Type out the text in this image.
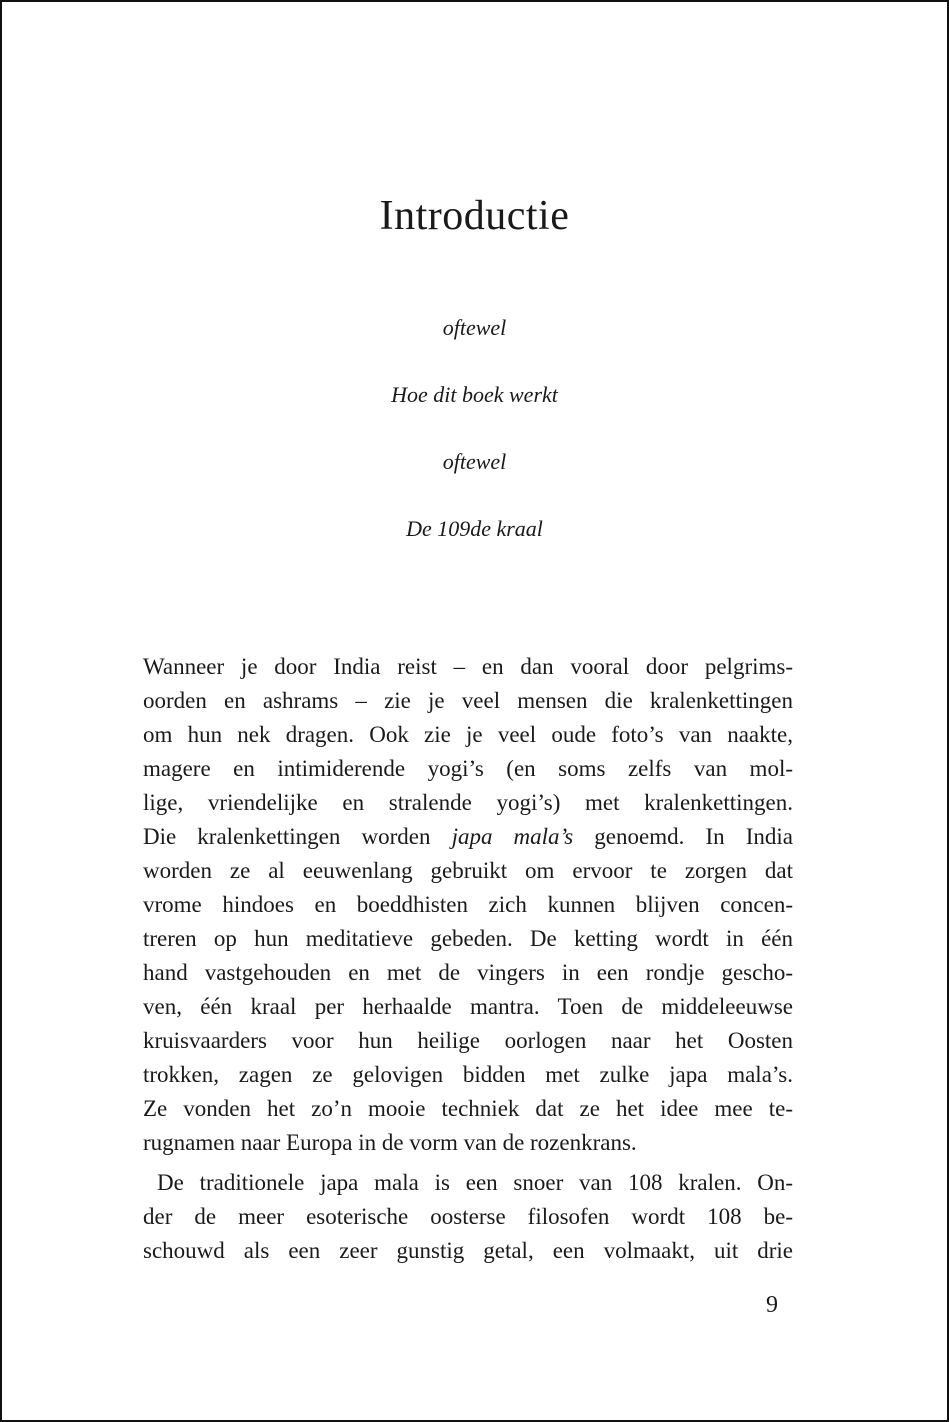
Introductie

oftewel

Hoe dit boek werkt

oftewel

De 109de kraal

Wanneer je door India reist – en dan vooral door pelgrims-
oorden en ashrams – zie je veel mensen die kralenkettingen
om hun nek dragen. Ook zie je veel oude foto’s van naakte,
magere en intimiderende yogi’s (en soms zelfs van mol-
lige, vriendelijke en stralende yogi’s) met kralenkettingen.
Die kralenkettingen worden japa mala’s genoemd. In India
worden ze al eeuwenlang gebruikt om ervoor te zorgen dat
vrome hindoes en boeddhisten zich kunnen blijven concen-
treren op hun meditatieve gebeden. De ketting wordt in één
hand vastgehouden en met de vingers in een rondje gescho-
ven, één kraal per herhaalde mantra. Toen de middeleeuwse
kruisvaarders voor hun heilige oorlogen naar het Oosten
trokken, zagen ze gelovigen bidden met zulke japa mala’s.
Ze vonden het zo’n mooie techniek dat ze het idee mee te-
rugnamen naar Europa in de vorm van de rozenkrans.

De traditionele japa mala is een snoer van 108 kralen. On-
der de meer esoterische oosterse filosofen wordt 108 be-
schouwd als een zeer gunstig getal, een volmaakt, uit drie

9
